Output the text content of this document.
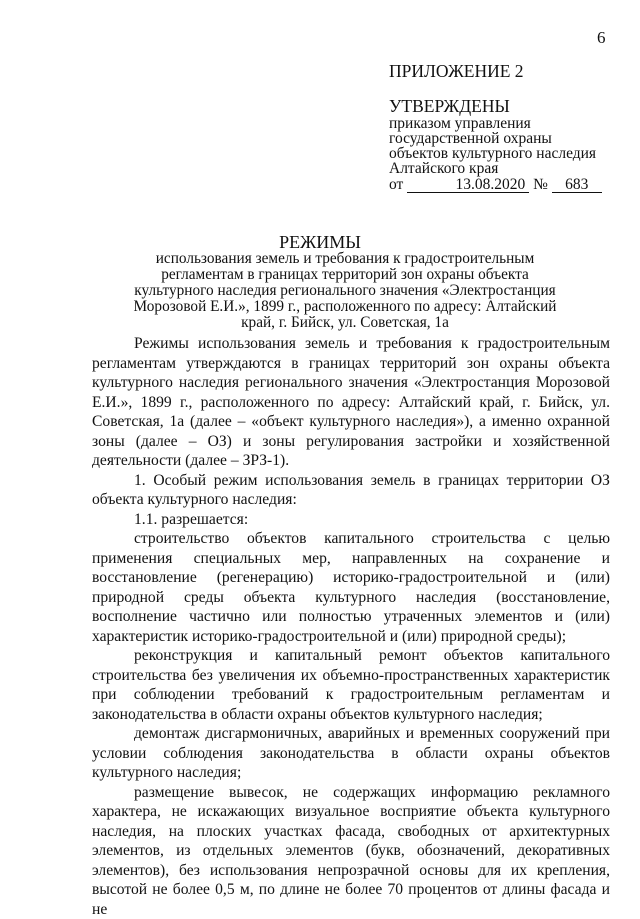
6
ПРИЛОЖЕНИЕ 2
УТВЕРЖДЕНЫ
приказом управления
государственной охраны
объектов культурного наследия
Алтайского края
от	13.08.2020 № 683
РЕЖИМЫ
использования земель и требования к градостроительным регламентам в границах территорий зон охраны объекта культурного наследия регионального значения «Электростанция Морозовой Е.И.», 1899 г., расположенного по адресу: Алтайский край, г. Бийск, ул. Советская, 1а

Режимы использования земель и требования к градостроительным регламентам утверждаются в границах территорий зон охраны объекта культурного наследия регионального значения «Электростанция Морозовой Е.И.», 1899 г., расположенного по адресу: Алтайский край, г. Бийск, ул. Советская, 1а (далее – «объект культурного наследия»), а именно охранной зоны (далее – ОЗ) и зоны регулирования застройки и хозяйственной деятельности (далее – ЗРЗ-1).

1. Особый режим использования земель в границах территории ОЗ объекта культурного наследия:

1.1. разрешается:

строительство объектов капитального строительства с целью применения специальных мер, направленных на сохранение и восстановление (регенерацию) историко-градостроительной и (или) природной среды объекта культурного наследия (восстановление, восполнение частично или полностью утраченных элементов и (или) характеристик историко-градостроительной и (или) природной среды);

реконструкция и капитальный ремонт объектов капитального строительства без увеличения их объемно-пространственных характеристик при соблюдении требований к градостроительным регламентам и законодательства в области охраны объектов культурного наследия;

демонтаж дисгармоничных, аварийных и временных сооружений при условии соблюдения законодательства в области охраны объектов культурного наследия;

размещение вывесок, не содержащих информацию рекламного характера, не искажающих визуальное восприятие объекта культурного наследия, на плоских участках фасада, свободных от архитектурных элементов, из отдельных элементов (букв, обозначений, декоративных элементов), без использования непрозрачной основы для их крепления, высотой не более 0,5 м, по длине не более 70 процентов от длины фасада и не
